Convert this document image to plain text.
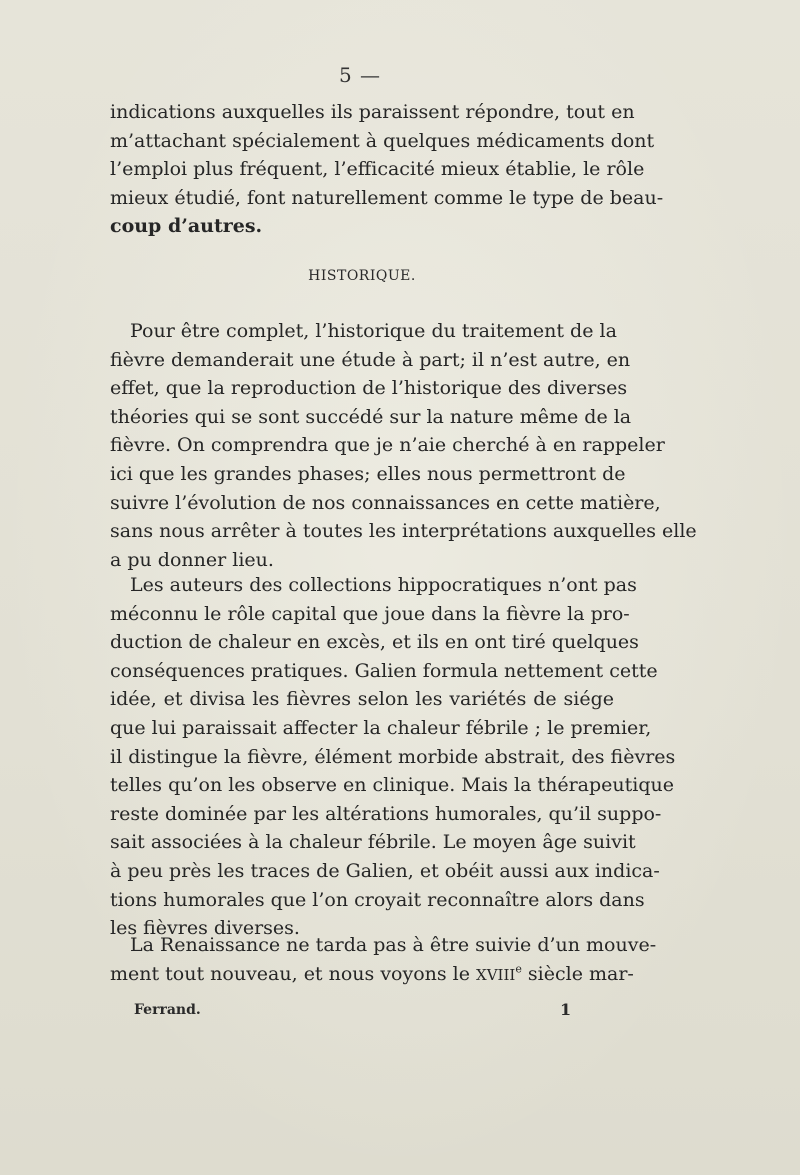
5 —
indications auxquelles ils paraissent répondre, tout en
m’attachant spécialement à quelques médicaments dont
l’emploi plus fréquent, l’efficacité mieux établie, le rôle
mieux étudié, font naturellement comme le type de beau-
coup d’autres.
HISTORIQUE.
Pour être complet, l’historique du traitement de la
fièvre demanderait une étude à part; il n’est autre, en
effet, que la reproduction de l’historique des diverses
théories qui se sont succédé sur la nature même de la
fièvre. On comprendra que je n’aie cherché à en rappeler
ici que les grandes phases; elles nous permettront de
suivre l’évolution de nos connaissances en cette matière,
sans nous arrêter à toutes les interprétations auxquelles elle
a pu donner lieu.
Les auteurs des collections hippocratiques n’ont pas
méconnu le rôle capital que joue dans la fièvre la pro-
duction de chaleur en excès, et ils en ont tiré quelques
conséquences pratiques. Galien formula nettement cette
idée, et divisa les fièvres selon les variétés de siége
que lui paraissait affecter la chaleur fébrile ; le premier,
il distingue la fièvre, élément morbide abstrait, des fièvres
telles qu’on les observe en clinique. Mais la thérapeutique
reste dominée par les altérations humorales, qu’il suppo-
sait associées à la chaleur fébrile. Le moyen âge suivit
à peu près les traces de Galien, et obéit aussi aux indica-
tions humorales que l’on croyait reconnaître alors dans
les fièvres diverses.
La Renaissance ne tarda pas à être suivie d’un mouve-
ment tout nouveau, et nous voyons le XVIIIe siècle mar-
Ferrand.	1
